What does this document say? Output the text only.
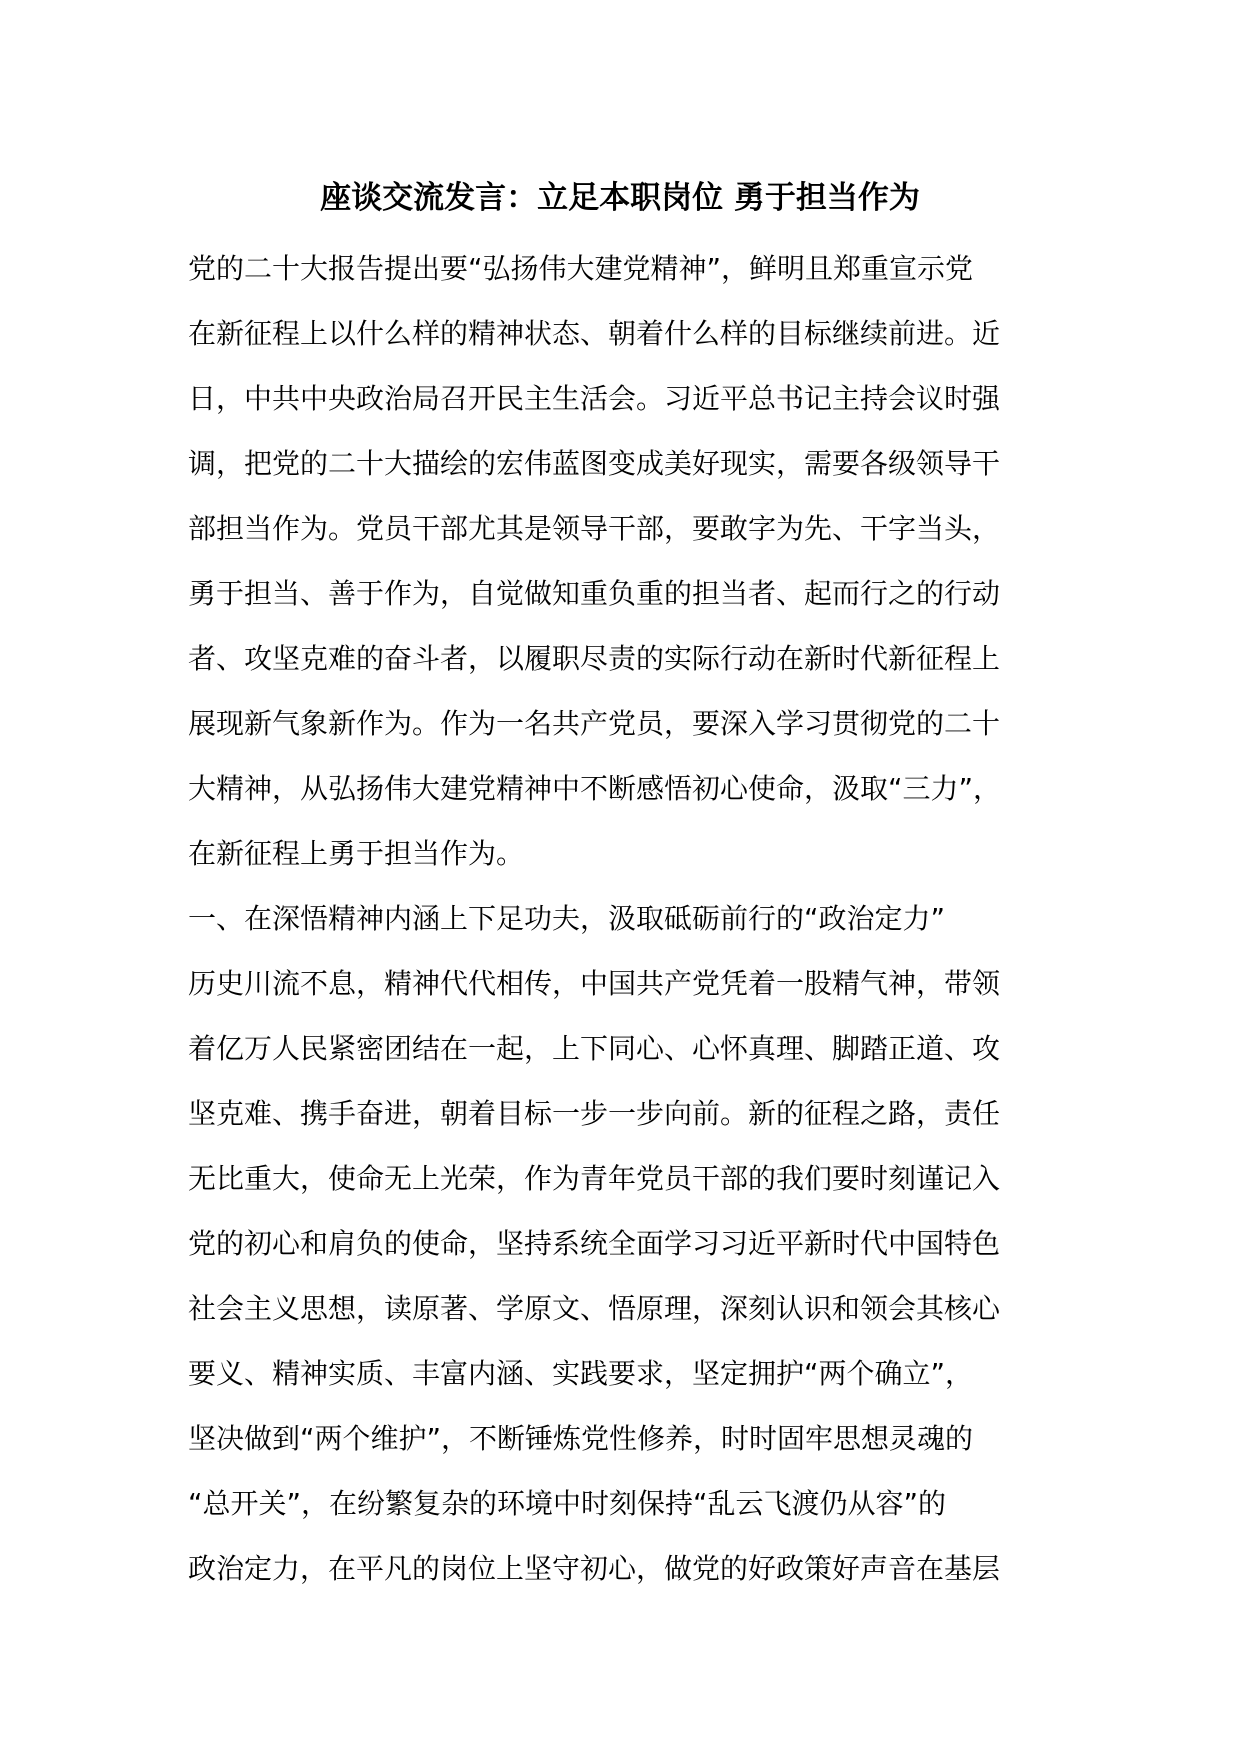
座谈交流发言：立足本职岗位 勇于担当作为
党的二十大报告提出要“弘扬伟大建党精神”，鲜明且郑重宣示党
在新征程上以什么样的精神状态、朝着什么样的目标继续前进。近
日，中共中央政治局召开民主生活会。习近平总书记主持会议时强
调，把党的二十大描绘的宏伟蓝图变成美好现实，需要各级领导干
部担当作为。党员干部尤其是领导干部，要敢字为先、干字当头，
勇于担当、善于作为，自觉做知重负重的担当者、起而行之的行动
者、攻坚克难的奋斗者，以履职尽责的实际行动在新时代新征程上
展现新气象新作为。作为一名共产党员，要深入学习贯彻党的二十
大精神，从弘扬伟大建党精神中不断感悟初心使命，汲取“三力”，
在新征程上勇于担当作为。
一、在深悟精神内涵上下足功夫，汲取砥砺前行的“政治定力”
历史川流不息，精神代代相传，中国共产党凭着一股精气神，带领
着亿万人民紧密团结在一起，上下同心、心怀真理、脚踏正道、攻
坚克难、携手奋进，朝着目标一步一步向前。新的征程之路，责任
无比重大，使命无上光荣，作为青年党员干部的我们要时刻谨记入
党的初心和肩负的使命，坚持系统全面学习习近平新时代中国特色
社会主义思想，读原著、学原文、悟原理，深刻认识和领会其核心
要义、精神实质、丰富内涵、实践要求，坚定拥护“两个确立”，
坚决做到“两个维护”，不断锤炼党性修养，时时固牢思想灵魂的
“总开关”，在纷繁复杂的环境中时刻保持“乱云飞渡仍从容”的
政治定力，在平凡的岗位上坚守初心，做党的好政策好声音在基层
